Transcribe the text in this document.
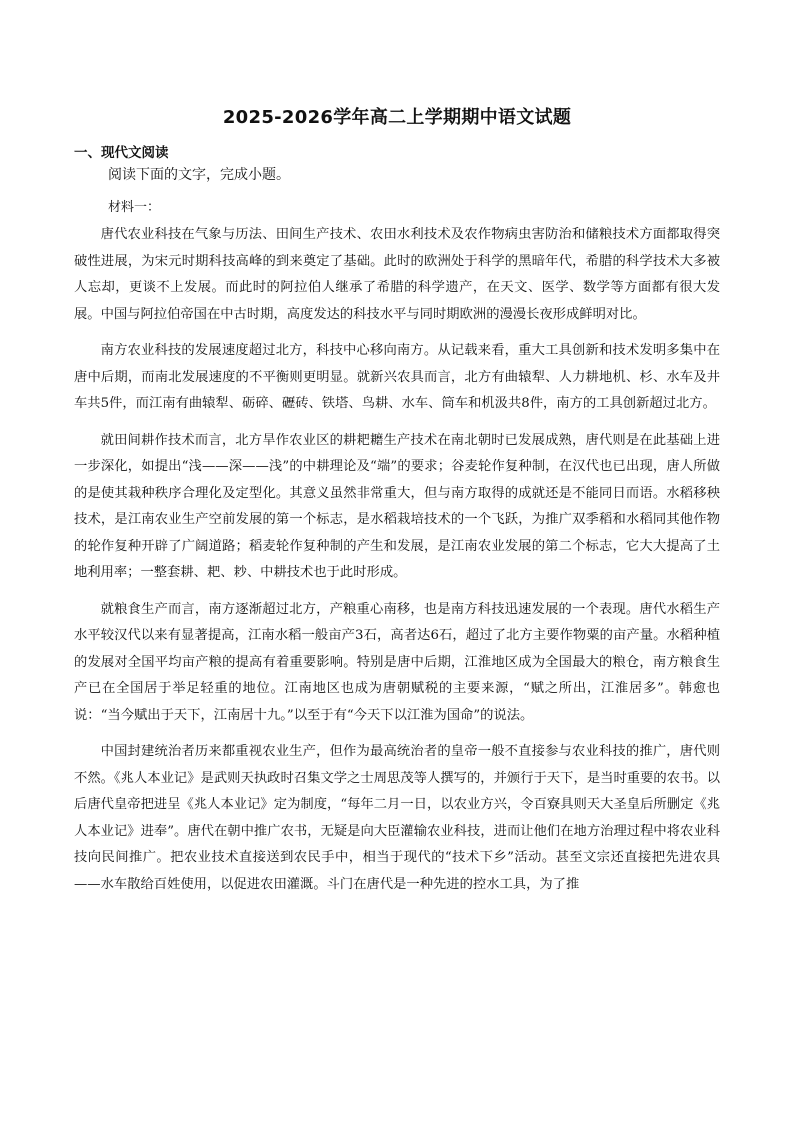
2025-2026学年高二上学期期中语文试题
一、现代文阅读
阅读下面的文字，完成小题。
材料一：

唐代农业科技在气象与历法、田间生产技术、农田水利技术及农作物病虫害防治和储粮技术方面都取得突破性进展，为宋元时期科技高峰的到来奠定了基础。此时的欧洲处于科学的黑暗年代，希腊的科学技术大多被人忘却，更谈不上发展。而此时的阿拉伯人继承了希腊的科学遗产，在天文、医学、数学等方面都有很大发展。中国与阿拉伯帝国在中古时期，高度发达的科技水平与同时期欧洲的漫漫长夜形成鲜明对比。

南方农业科技的发展速度超过北方，科技中心移向南方。从记载来看，重大工具创新和技术发明多集中在唐中后期，而南北发展速度的不平衡则更明显。就新兴农具而言，北方有曲辕犁、人力耕地机、杉、水车及井车共5件，而江南有曲辕犁、砺碎、礰砖、铁塔、鸟耕、水车、筒车和机汲共8件，南方的工具创新超过北方。

就田间耕作技术而言，北方旱作农业区的耕耙耱生产技术在南北朝时已发展成熟，唐代则是在此基础上进一步深化，如提出“浅——深——浅”的中耕理论及“端”的要求；谷麦轮作复种制，在汉代也已出现，唐人所做的是使其栽种秩序合理化及定型化。其意义虽然非常重大，但与南方取得的成就还是不能同日而语。水稻移秧技术，是江南农业生产空前发展的第一个标志，是水稻栽培技术的一个飞跃，为推广双季稻和水稻同其他作物的轮作复种开辟了广阔道路；稻麦轮作复种制的产生和发展，是江南农业发展的第二个标志，它大大提高了土地利用率；一整套耕、耙、耖、中耕技术也于此时形成。

就粮食生产而言，南方逐渐超过北方，产粮重心南移，也是南方科技迅速发展的一个表现。唐代水稻生产水平较汉代以来有显著提高，江南水稻一般亩产3石，高者达6石，超过了北方主要作物粟的亩产量。水稻种植的发展对全国平均亩产粮的提高有着重要影响。特别是唐中后期，江淮地区成为全国最大的粮仓，南方粮食生产已在全国居于举足轻重的地位。江南地区也成为唐朝赋税的主要来源，“赋之所出，江淮居多”。韩愈也说：“当今赋出于天下，江南居十九。”以至于有“今天下以江淮为国命”的说法。

中国封建统治者历来都重视农业生产，但作为最高统治者的皇帝一般不直接参与农业科技的推广，唐代则不然。《兆人本业记》是武则天执政时召集文学之士周思茂等人撰写的，并颁行于天下，是当时重要的农书。以后唐代皇帝把进呈《兆人本业记》定为制度，“每年二月一日，以农业方兴，令百寮具则天大圣皇后所删定《兆人本业记》进奉”。唐代在朝中推广农书，无疑是向大臣灌输农业科技，进而让他们在地方治理过程中将农业科技向民间推广。把农业技术直接送到农民手中，相当于现代的“技术下乡”活动。甚至文宗还直接把先进农具——水车散给百姓使用，以促进农田灌溉。斗门在唐代是一种先进的控水工具，为了推
